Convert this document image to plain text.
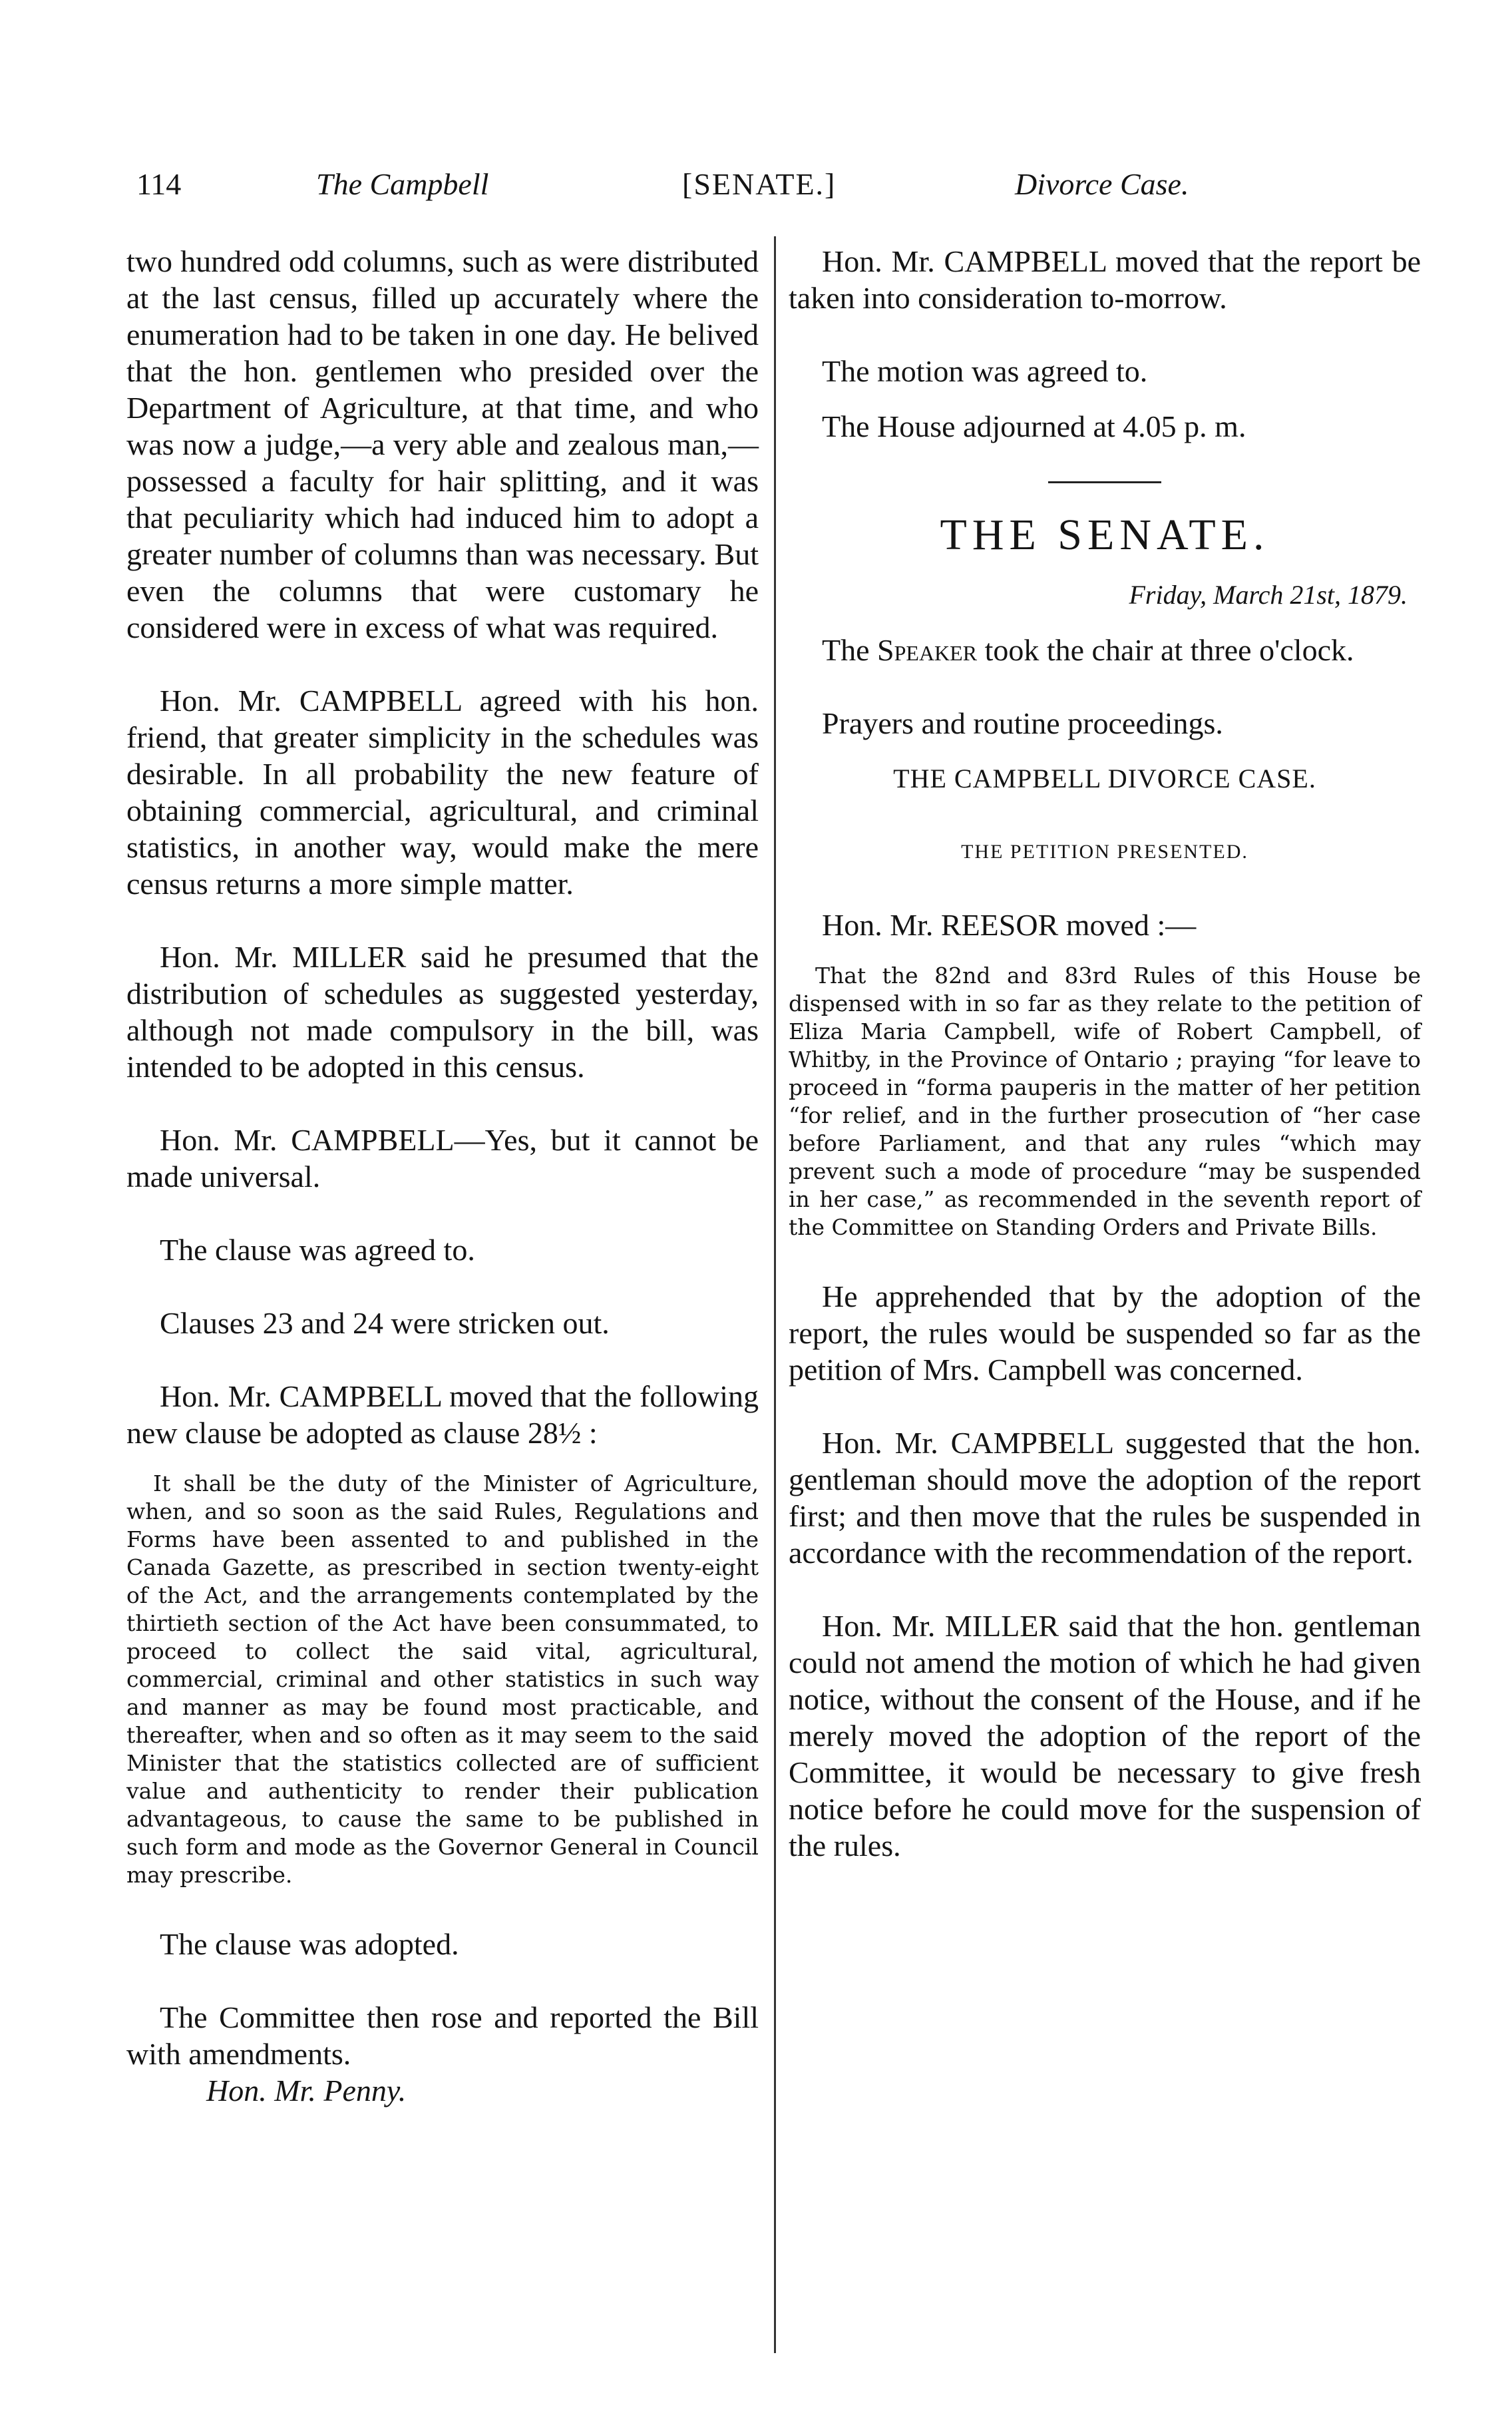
114	The Campbell	[SENATE.]	Divorce Case.

two hundred odd columns, such as were distributed at the last census, filled up accurately where the enumeration had to be taken in one day. He belived that the hon. gentlemen who presided over the Department of Agriculture, at that time, and who was now a judge,—a very able and zealous man,—possessed a faculty for hair splitting, and it was that peculiarity which had induced him to adopt a greater number of columns than was necessary. But even the columns that were customary he considered were in excess of what was required.

Hon. Mr. CAMPBELL agreed with his hon. friend, that greater simplicity in the schedules was desirable. In all probability the new feature of obtaining commercial, agricultural, and criminal statistics, in another way, would make the mere census returns a more simple matter.

Hon. Mr. MILLER said he presumed that the distribution of schedules as suggested yesterday, although not made compulsory in the bill, was intended to be adopted in this census.

Hon. Mr. CAMPBELL—Yes, but it cannot be made universal.

The clause was agreed to.

Clauses 23 and 24 were stricken out.

Hon. Mr. CAMPBELL moved that the following new clause be adopted as clause 28½ :

It shall be the duty of the Minister of Agriculture, when, and so soon as the said Rules, Regulations and Forms have been assented to and published in the Canada Gazette, as prescribed in section twenty-eight of the Act, and the arrangements contemplated by the thirtieth section of the Act have been consummated, to proceed to collect the said vital, agricultural, commercial, criminal and other statistics in such way and manner as may be found most practicable, and thereafter, when and so often as it may seem to the said Minister that the statistics collected are of sufficient value and authenticity to render their publication advantageous, to cause the same to be published in such form and mode as the Governor General in Council may prescribe.

The clause was adopted.

The Committee then rose and reported the Bill with amendments.

Hon. Mr. Penny.

Hon. Mr. CAMPBELL moved that the report be taken into consideration to-morrow.

The motion was agreed to.

The House adjourned at 4.05 p. m.

THE SENATE.

Friday, March 21st, 1879.

The Speaker took the chair at three o'clock.

Prayers and routine proceedings.

THE CAMPBELL DIVORCE CASE.

THE PETITION PRESENTED.

Hon. Mr. REESOR moved :—

That the 82nd and 83rd Rules of this House be dispensed with in so far as they relate to the petition of Eliza Maria Campbell, wife of Robert Campbell, of Whitby, in the Province of Ontario ; praying “for leave to proceed in “forma pauperis in the matter of her petition “for relief, and in the further prosecution of “her case before Parliament, and that any rules “which may prevent such a mode of procedure “may be suspended in her case,” as recommended in the seventh report of the Committee on Standing Orders and Private Bills.

He apprehended that by the adoption of the report, the rules would be suspended so far as the petition of Mrs. Campbell was concerned.

Hon. Mr. CAMPBELL suggested that the hon. gentleman should move the adoption of the report first; and then move that the rules be suspended in accordance with the recommendation of the report.

Hon. Mr. MILLER said that the hon. gentleman could not amend the motion of which he had given notice, without the consent of the House, and if he merely moved the adoption of the report of the Committee, it would be necessary to give fresh notice before he could move for the suspension of the rules.
